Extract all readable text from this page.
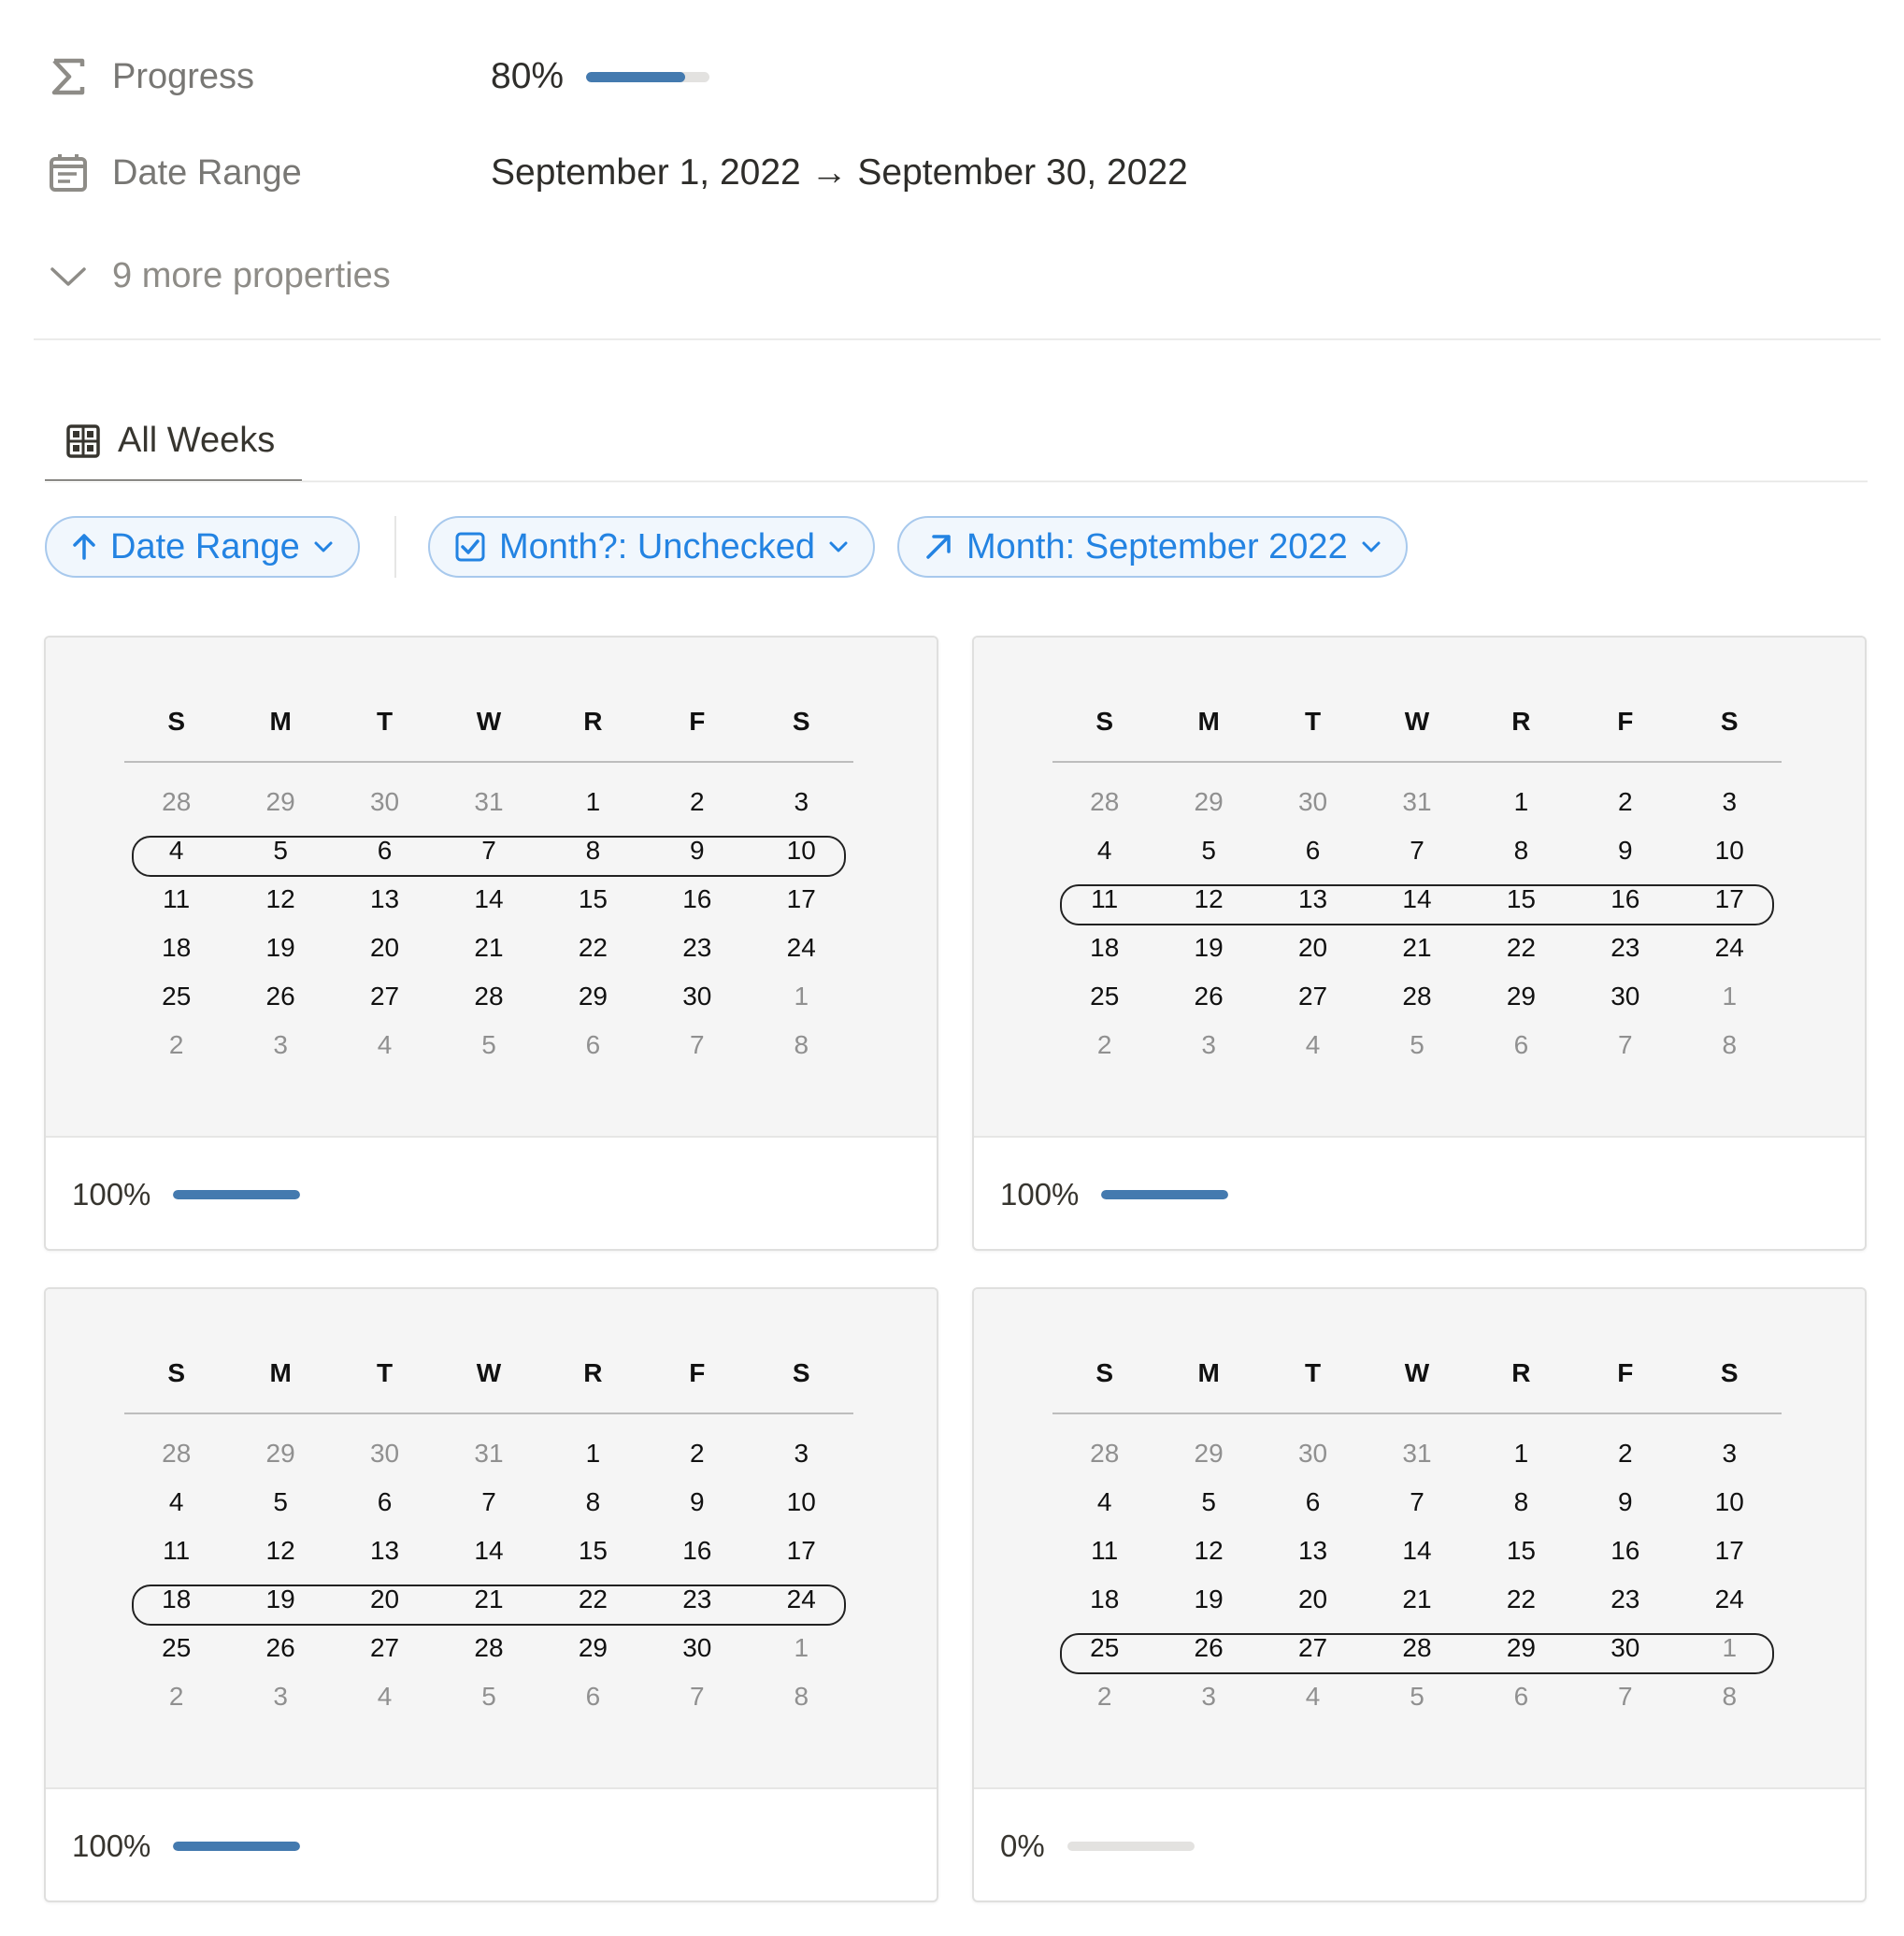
Progress	80%
Date Range	September 1, 2022 → September 30, 2022
9 more properties
All Weeks
Date Range	Month?: Unchecked	Month: September 2022
S	M	T	W	R	F	S
28	29	30	31	1	2	3
4	5	6	7	8	9	10
11	12	13	14	15	16	17
18	19	20	21	22	23	24
25	26	27	28	29	30	1
2	3	4	5	6	7	8
100%
S	M	T	W	R	F	S
28	29	30	31	1	2	3
4	5	6	7	8	9	10
11	12	13	14	15	16	17
18	19	20	21	22	23	24
25	26	27	28	29	30	1
2	3	4	5	6	7	8
100%
S	M	T	W	R	F	S
28	29	30	31	1	2	3
4	5	6	7	8	9	10
11	12	13	14	15	16	17
18	19	20	21	22	23	24
25	26	27	28	29	30	1
2	3	4	5	6	7	8
100%
S	M	T	W	R	F	S
28	29	30	31	1	2	3
4	5	6	7	8	9	10
11	12	13	14	15	16	17
18	19	20	21	22	23	24
25	26	27	28	29	30	1
2	3	4	5	6	7	8
0%
